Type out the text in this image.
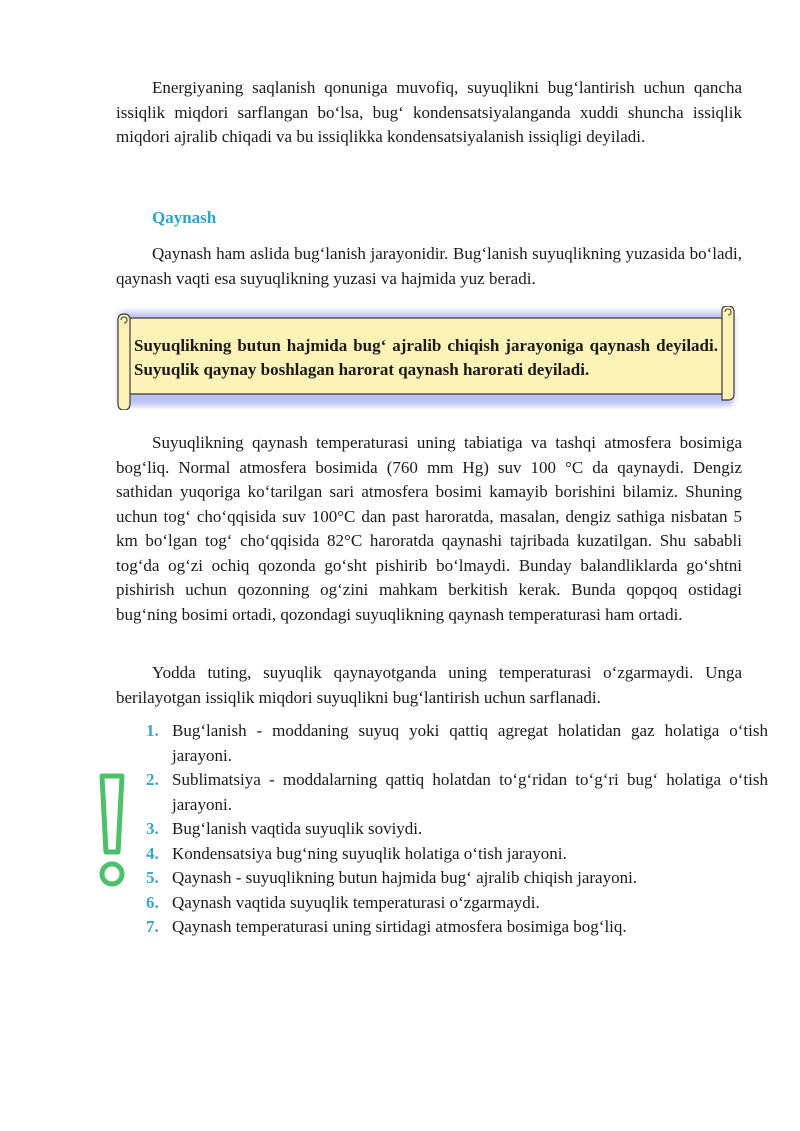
Energiyaning saqlanish qonuniga muvofiq, suyuqlikni bug‘lantirish uchun qancha issiqlik miqdori sarflangan bo‘lsa, bug‘ kondensatsiyalanganda xuddi shuncha issiqlik miqdori ajralib chiqadi va bu issiqlikka kondensatsiyalanish issiqligi deyiladi.

Qaynash

Qaynash ham aslida bug‘lanish jarayonidir. Bug‘lanish suyuqlikning yuzasida bo‘ladi, qaynash vaqti esa suyuqlikning yuzasi va hajmida yuz beradi.

Suyuqlikning butun hajmida bug‘ ajralib chiqish jarayoniga qaynash deyiladi. Suyuqlik qaynay boshlagan harorat qaynash harorati deyiladi.

Suyuqlikning qaynash temperaturasi uning tabiatiga va tashqi atmosfera bosimiga bog‘liq. Normal atmosfera bosimida (760 mm Hg) suv 100 °C da qaynaydi. Dengiz sathidan yuqoriga ko‘tarilgan sari atmosfera bosimi kamayib borishini bilamiz. Shuning uchun tog‘ cho‘qqisida suv 100°C dan past haroratda, masalan, dengiz sathiga nisbatan 5 km bo‘lgan tog‘ cho‘qqisida 82°C haroratda qaynashi tajribada kuzatilgan. Shu sababli tog‘da og‘zi ochiq qozonda go‘sht pishirib bo‘lmaydi. Bunday balandliklarda go‘shtni pishirish uchun qozonning og‘zini mahkam berkitish kerak. Bunda qopqoq ostidagi bug‘ning bosimi ortadi, qozondagi suyuqlikning qaynash temperaturasi ham ortadi.

Yodda tuting, suyuqlik qaynayotganda uning temperaturasi o‘zgarmaydi. Unga berilayotgan issiqlik miqdori suyuqlikni bug‘lantirish uchun sarflanadi.

1. Bug‘lanish - moddaning suyuq yoki qattiq agregat holatidan gaz holatiga o‘tish jarayoni.
2. Sublimatsiya - moddalarning qattiq holatdan to‘g‘ridan to‘g‘ri bug‘ holatiga o‘tish jarayoni.
3. Bug‘lanish vaqtida suyuqlik soviydi.
4. Kondensatsiya bug‘ning suyuqlik holatiga o‘tish jarayoni.
5. Qaynash - suyuqlikning butun hajmida bug‘ ajralib chiqish jarayoni.
6. Qaynash vaqtida suyuqlik temperaturasi o‘zgarmaydi.
7. Qaynash temperaturasi uning sirtidagi atmosfera bosimiga bog‘liq.
